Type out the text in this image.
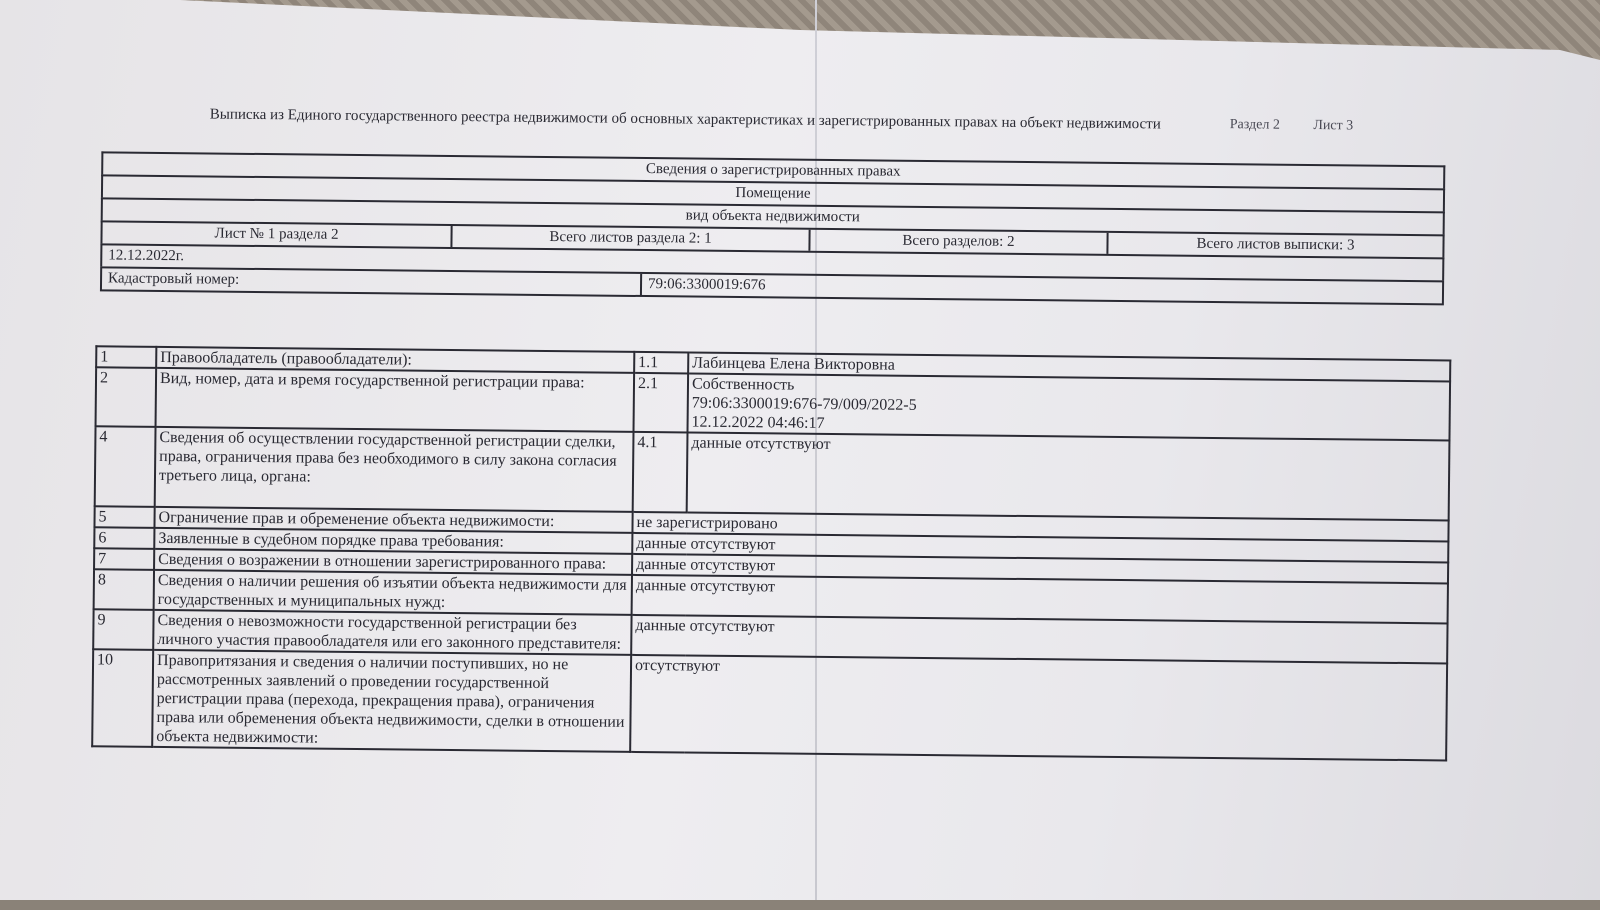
Выписка из Единого государственного реестра недвижимости об основных характеристиках и зарегистрированных правах на объект недвижимости	Раздел 2 Лист 3
Сведения о зарегистрированных правах
Помещение
вид объекта недвижимости
Лист № 1 раздела 2	Всего листов раздела 2: 1	Всего разделов: 2	Всего листов выписки: 3
12.12.2022г.
Кадастровый номер:	79:06:3300019:676
1	Правообладатель (правообладатели):	1.1	Лабинцева Елена Викторовна

2	Вид, номер, дата и время государственной регистрации права:	2.1	Собственность
79:06:3300019:676-79/009/2022-5
12.12.2022 04:46:17

4	Сведения об осуществлении государственной регистрации сделки, права, ограничения права без необходимого в силу закона согласия третьего лица, органа:	4.1	данные отсутствуют

5	Ограничение прав и обременение объекта недвижимости:	не зарегистрировано	
6	Заявленные в судебном порядке права требования:	данные отсутствуют	
7	Сведения о возражении в отношении зарегистрированного права:	данные отсутствуют	
8	Сведения о наличии решения об изъятии объекта недвижимости для государственных и муниципальных нужд:	данные отсутствуют	
9	Сведения о невозможности государственной регистрации без личного участия правообладателя или его законного представителя:	данные отсутствуют	
10	Правопритязания и сведения о наличии поступивших, но не рассмотренных заявлений о проведении государственной регистрации права (перехода, прекращения права), ограничения права или обременения объекта недвижимости, сделки в отношении объекта недвижимости:	отсутствуют	
